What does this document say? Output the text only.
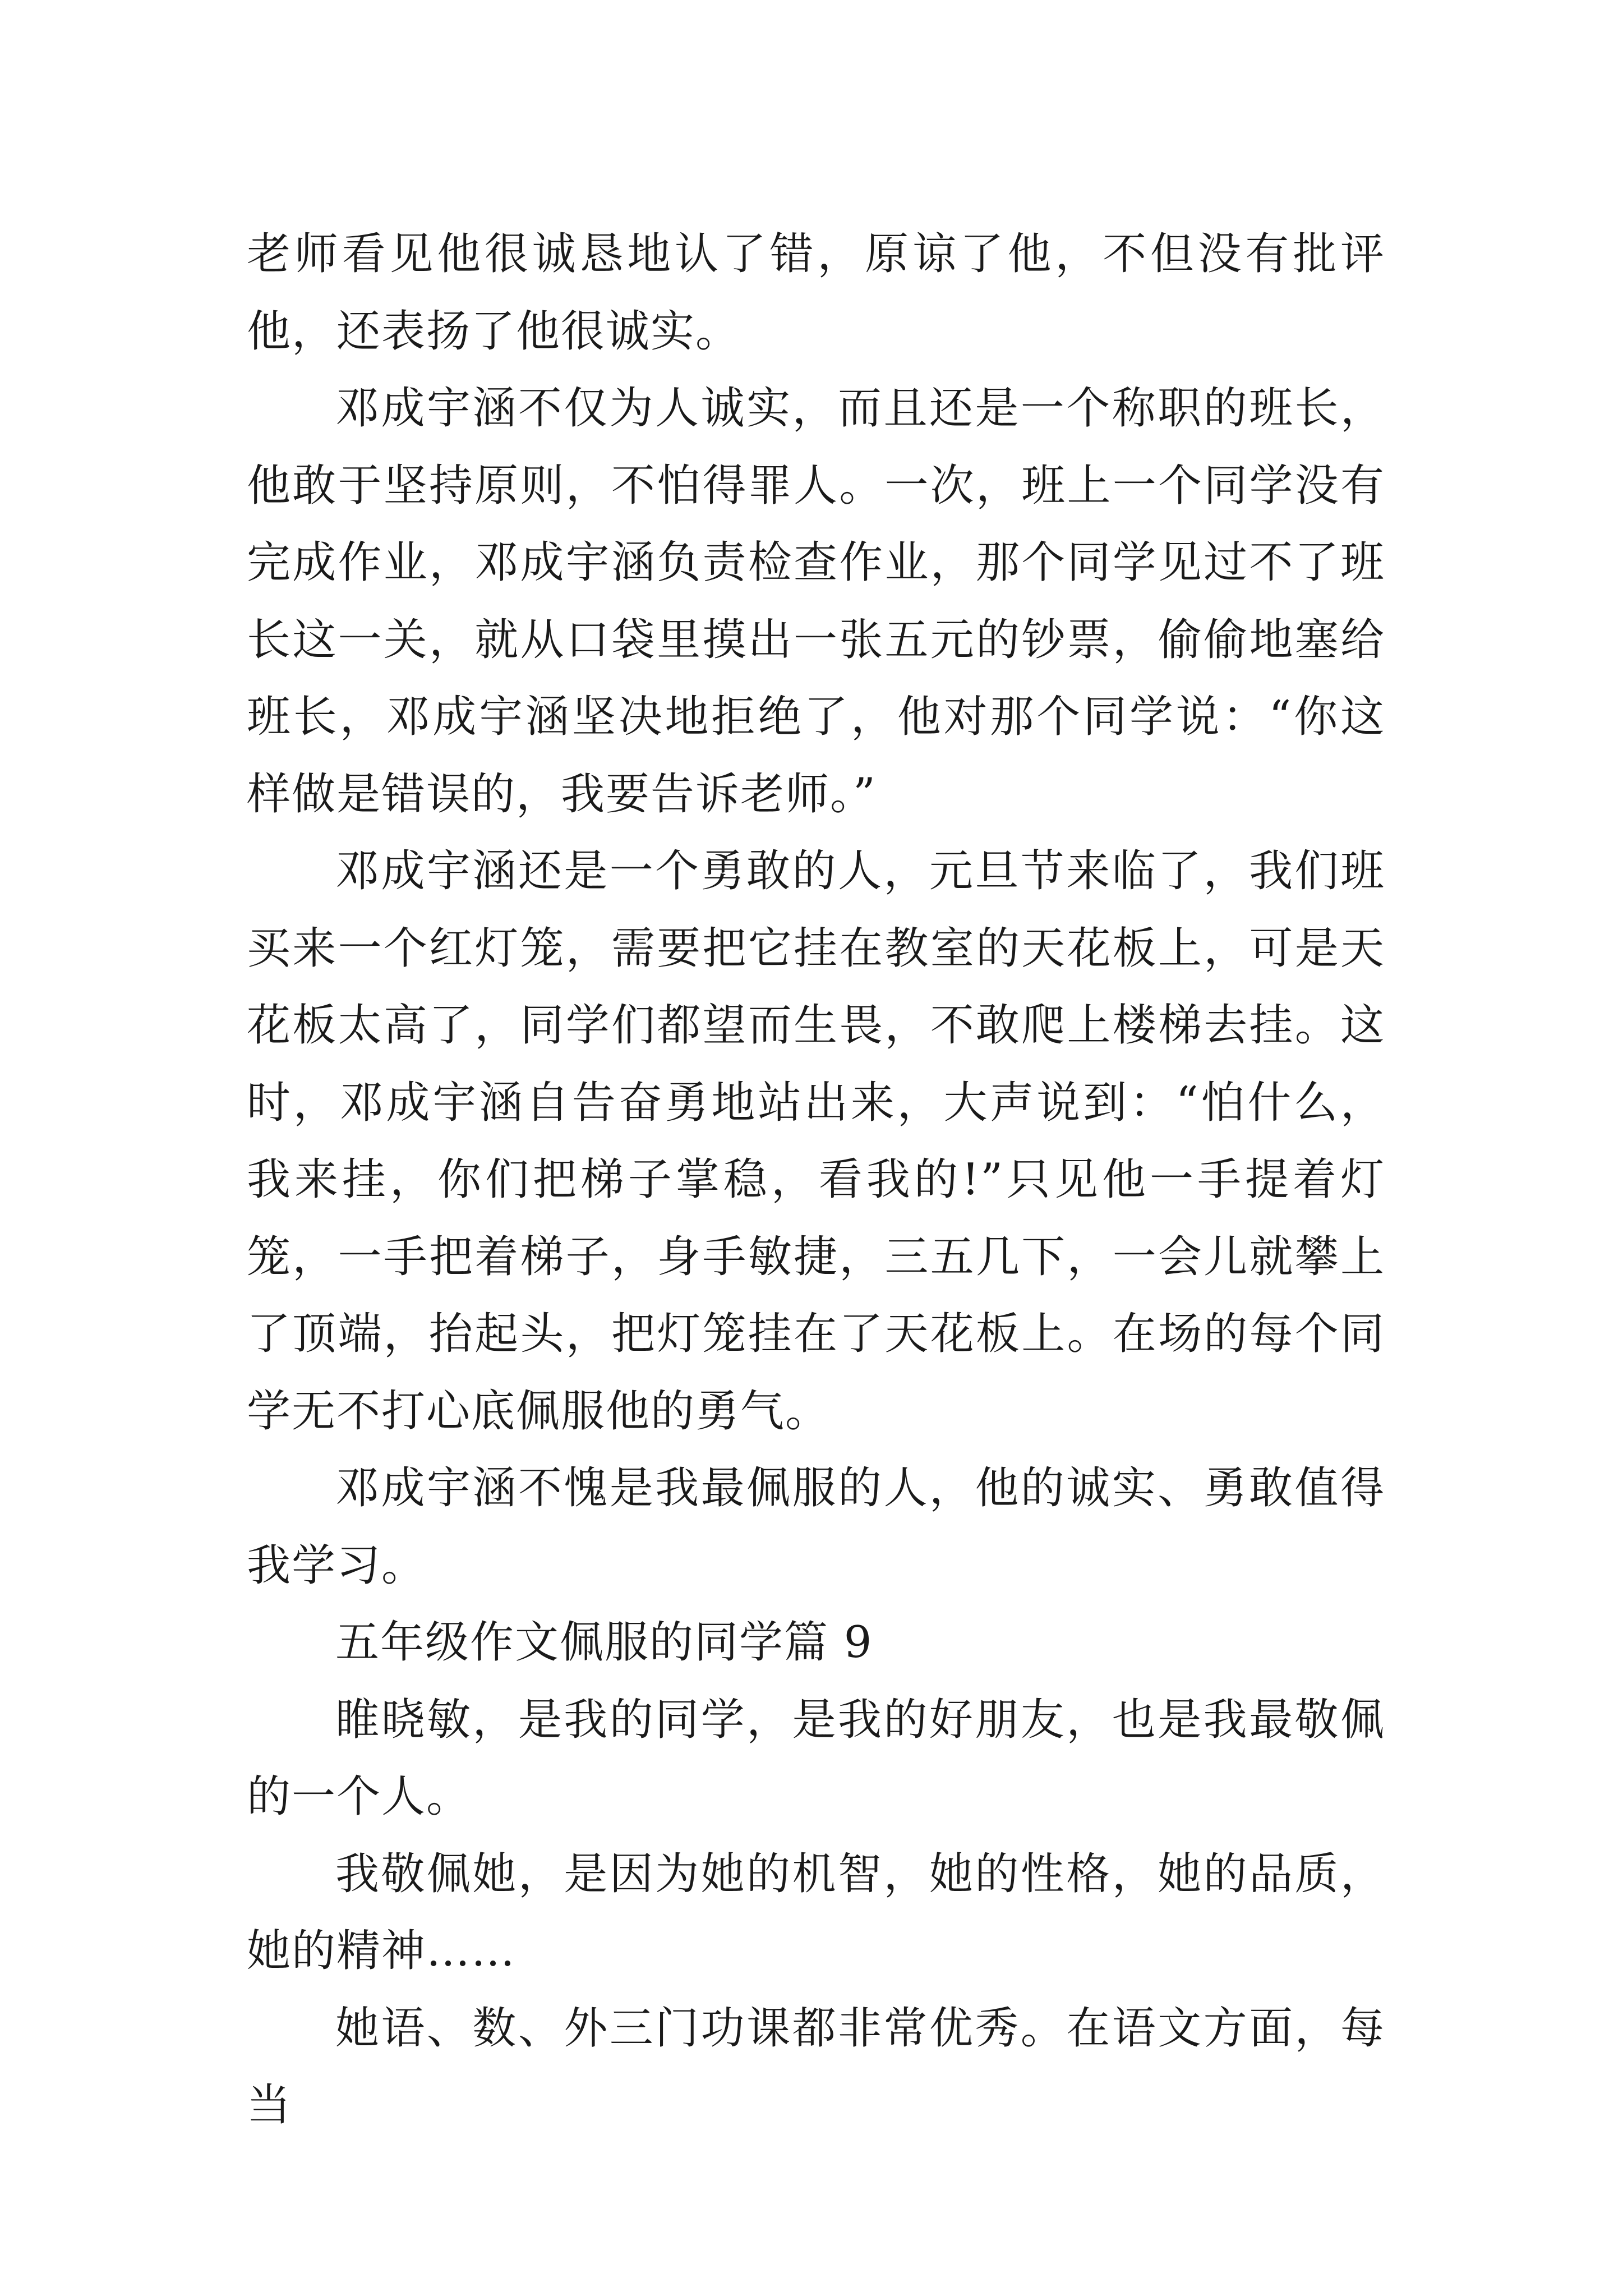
老师看见他很诚恳地认了错，原谅了他，不但没有批评他，还表扬了他很诚实。

邓成宇涵不仅为人诚实，而且还是一个称职的班长，他敢于坚持原则，不怕得罪人。一次，班上一个同学没有完成作业，邓成宇涵负责检查作业，那个同学见过不了班长这一关，就从口袋里摸出一张五元的钞票，偷偷地塞给班长，邓成宇涵坚决地拒绝了，他对那个同学说：“你这样做是错误的，我要告诉老师。”

邓成宇涵还是一个勇敢的人，元旦节来临了，我们班买来一个红灯笼，需要把它挂在教室的天花板上，可是天花板太高了，同学们都望而生畏，不敢爬上楼梯去挂。这时，邓成宇涵自告奋勇地站出来，大声说到：“怕什么，我来挂，你们把梯子掌稳，看我的!”只见他一手提着灯笼，一手把着梯子，身手敏捷，三五几下，一会儿就攀上了顶端，抬起头，把灯笼挂在了天花板上。在场的每个同学无不打心底佩服他的勇气。

邓成宇涵不愧是我最佩服的人，他的诚实、勇敢值得我学习。

五年级作文佩服的同学篇 9

睢晓敏，是我的同学，是我的好朋友，也是我最敬佩的一个人。

我敬佩她，是因为她的机智，她的性格，她的品质，她的精神……

她语、数、外三门功课都非常优秀。在语文方面，每当
